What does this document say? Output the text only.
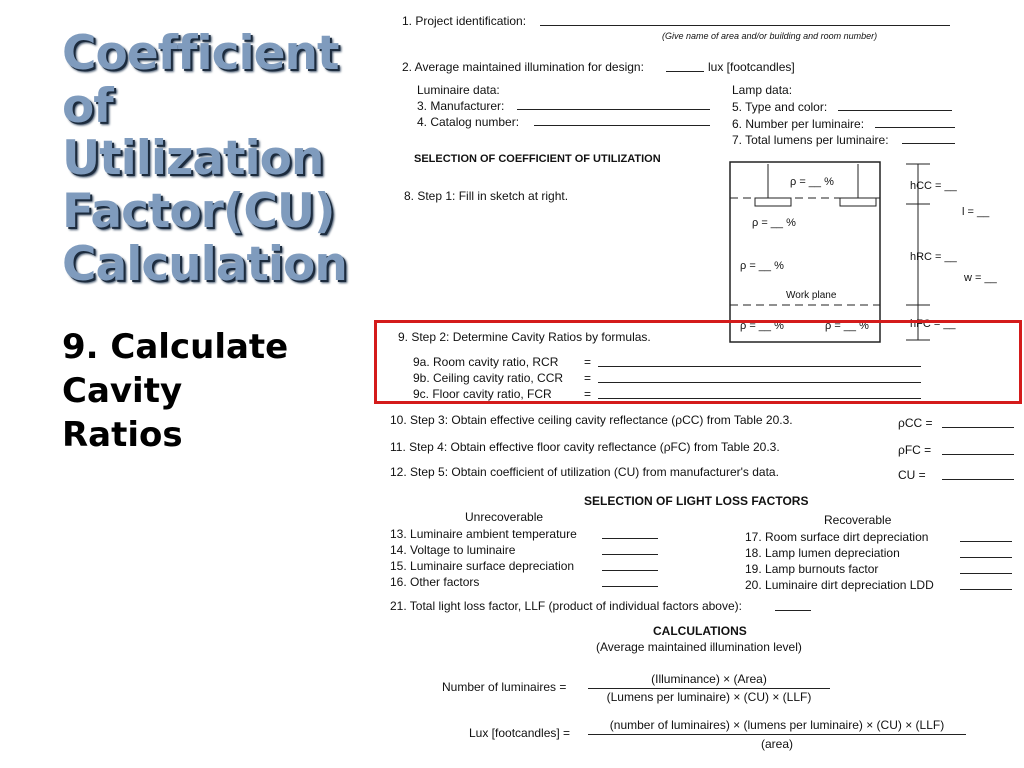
Coefficient of
Utilization
Factor(CU)
Calculation
9. Calculate
Cavity
Ratios
1. Project identification:
(Give name of area and/or building and room number)
2. Average maintained illumination for design:	lux [footcandles]
Luminaire data:
3. Manufacturer:
4. Catalog number:
Lamp data:
5. Type and color:
6. Number per luminaire:
7. Total lumens per luminaire:
SELECTION OF COEFFICIENT OF UTILIZATION
8. Step 1: Fill in sketch at right.
ρ = __ %
ρ = __ %
ρ = __ %
Work plane
ρ = __ %	ρ = __ %
hCC = __
hRC = __
hFC = __
l = __
w = __
9. Step 2: Determine Cavity Ratios by formulas.
9a. Room cavity ratio, RCR =
9b. Ceiling cavity ratio, CCR =
9c. Floor cavity ratio, FCR	=
10. Step 3: Obtain effective ceiling cavity reflectance (ρCC) from Table 20.3.	ρCC =
11. Step 4: Obtain effective floor cavity reflectance (ρFC) from Table 20.3.	ρFC =
12. Step 5: Obtain coefficient of utilization (CU) from manufacturer's data.	CU =
SELECTION OF LIGHT LOSS FACTORS
Unrecoverable	Recoverable
13. Luminaire ambient temperature
14. Voltage to luminaire
15. Luminaire surface depreciation
16. Other factors
17. Room surface dirt depreciation
18. Lamp lumen depreciation
19. Lamp burnouts factor
20. Luminaire dirt depreciation LDD
21. Total light loss factor, LLF (product of individual factors above):
CALCULATIONS
(Average maintained illumination level)
Number of luminaires =
(Illuminance) × (Area)
(Lumens per luminaire) × (CU) × (LLF)
Lux [footcandles] =
(number of luminaires) × (lumens per luminaire) × (CU) × (LLF)
(area)
